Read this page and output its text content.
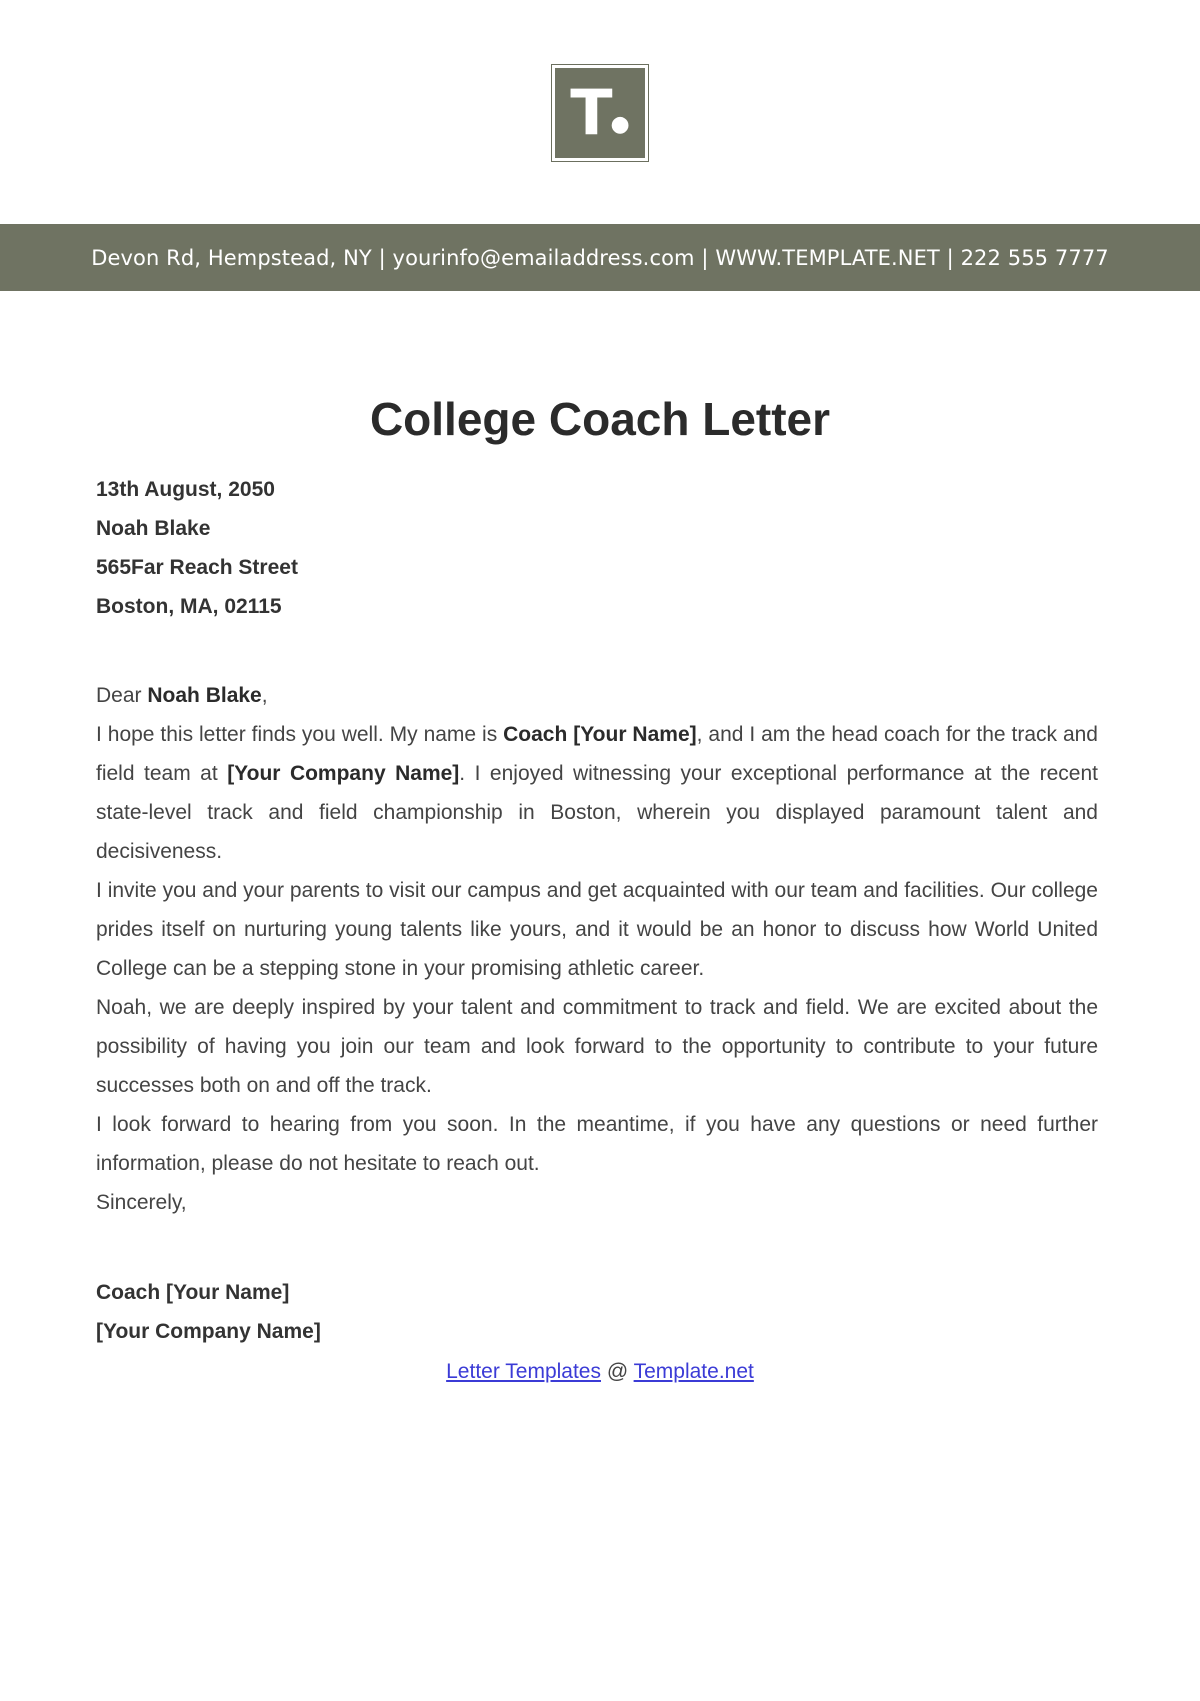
T
●
Devon Rd, Hempstead, NY | yourinfo@emailaddress.com | WWW.TEMPLATE.NET | 222 555 7777
College Coach Letter
13th August, 2050
Noah Blake
565Far Reach Street
Boston, MA, 02115

Dear Noah Blake,

I hope this letter finds you well. My name is Coach [Your Name], and I am the head coach for the track and field team at [Your Company Name]. I enjoyed witnessing your exceptional performance at the recent state-level track and field championship in Boston, wherein you displayed paramount talent and decisiveness.

I invite you and your parents to visit our campus and get acquainted with our team and facilities. Our college prides itself on nurturing young talents like yours, and it would be an honor to discuss how World United College can be a stepping stone in your promising athletic career.

Noah, we are deeply inspired by your talent and commitment to track and field. We are excited about the possibility of having you join our team and look forward to the opportunity to contribute to your future successes both on and off the track.

I look forward to hearing from you soon. In the meantime, if you have any questions or need further information, please do not hesitate to reach out.

Sincerely,

Coach [Your Name]
[Your Company Name]
Letter Templates @ Template.net
